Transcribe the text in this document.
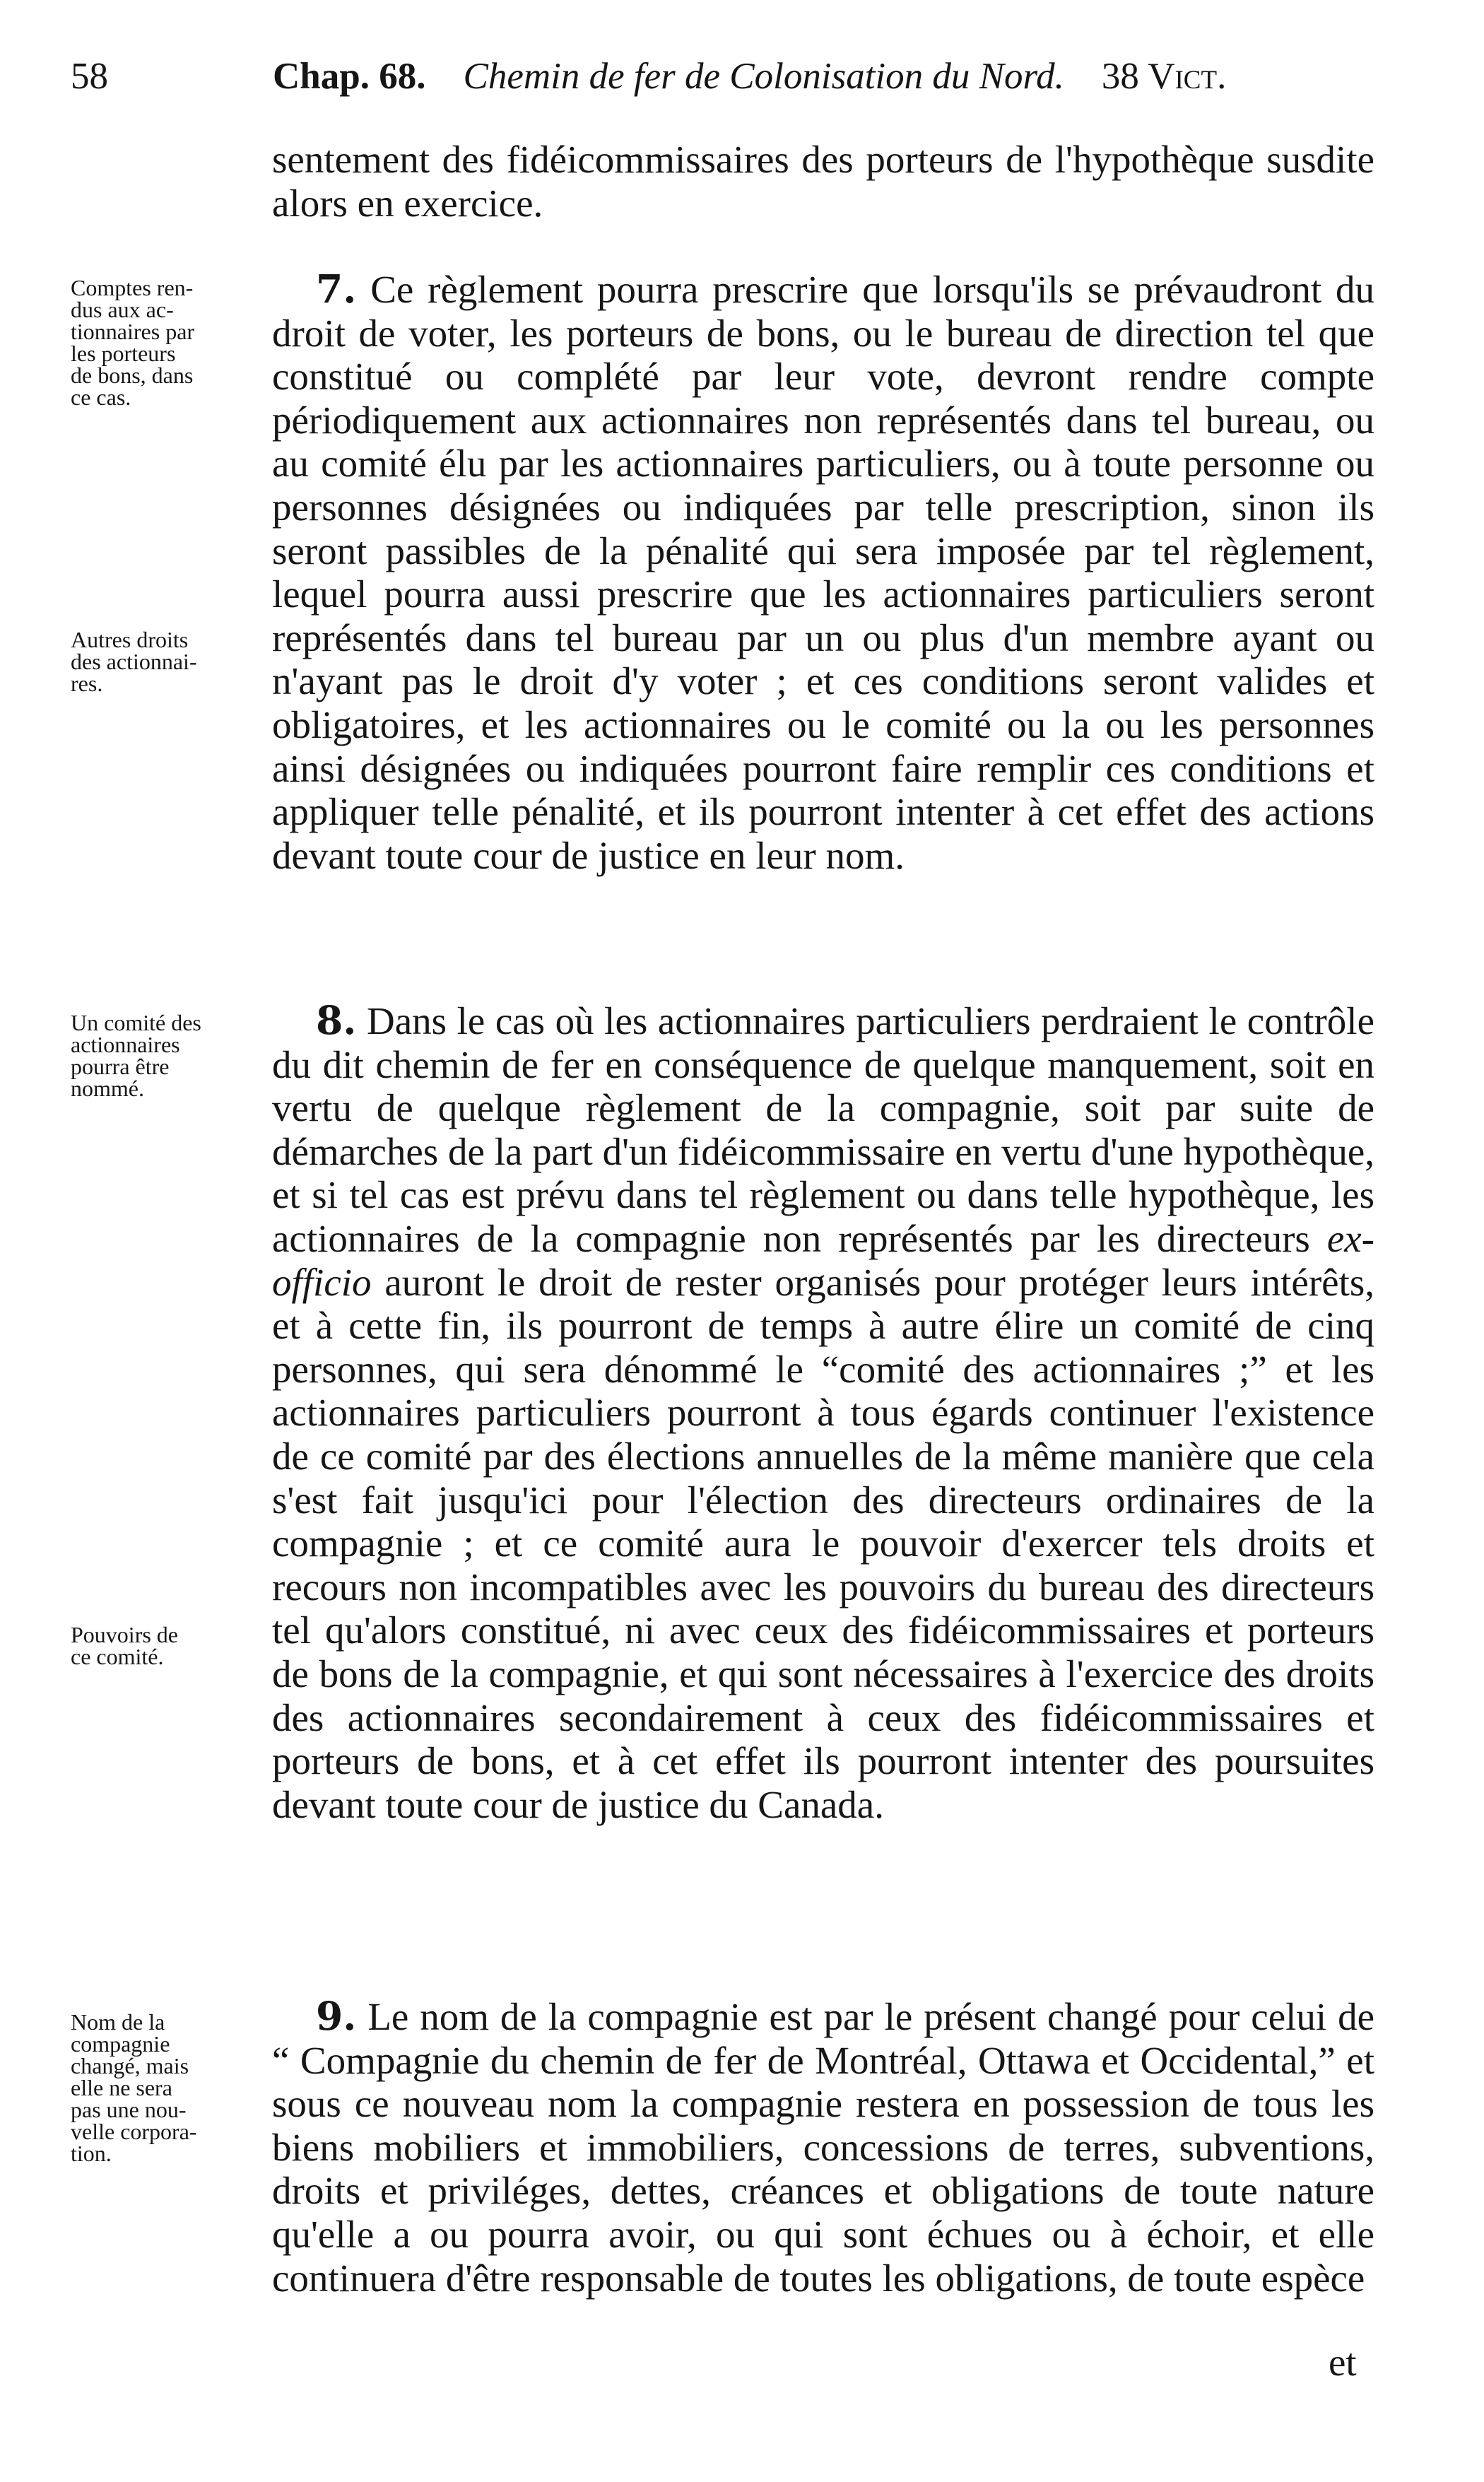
58	Chap. 68. Chemin de fer de Colonisation du Nord. 38 Vict.

sentement des fidéicommissaires des porteurs de l'hypothèque susdite alors en exercice.

7. Ce règlement pourra prescrire que lorsqu'ils se prévaudront du droit de voter, les porteurs de bons, ou le bureau de direction tel que constitué ou complété par leur vote, devront rendre compte périodiquement aux actionnaires non représentés dans tel bureau, ou au comité élu par les actionnaires particuliers, ou à toute personne ou personnes désignées ou indiquées par telle prescription, sinon ils seront passibles de la pénalité qui sera imposée par tel règlement, lequel pourra aussi prescrire que les actionnaires particuliers seront représentés dans tel bureau par un ou plus d'un membre ayant ou n'ayant pas le droit d'y voter ; et ces conditions seront valides et obligatoires, et les actionnaires ou le comité ou la ou les personnes ainsi désignées ou indiquées pourront faire remplir ces conditions et appliquer telle pénalité, et ils pourront intenter à cet effet des actions devant toute cour de justice en leur nom.

8. Dans le cas où les actionnaires particuliers perdraient le contrôle du dit chemin de fer en conséquence de quelque manquement, soit en vertu de quelque règlement de la compagnie, soit par suite de démarches de la part d'un fidéicommissaire en vertu d'une hypothèque, et si tel cas est prévu dans tel règlement ou dans telle hypothèque, les actionnaires de la compagnie non représentés par les directeurs ex-officio auront le droit de rester organisés pour protéger leurs intérêts, et à cette fin, ils pourront de temps à autre élire un comité de cinq personnes, qui sera dénommé le “comité des actionnaires ;” et les actionnaires particuliers pourront à tous égards continuer l'existence de ce comité par des élections annuelles de la même manière que cela s'est fait jusqu'ici pour l'élection des directeurs ordinaires de la compagnie ; et ce comité aura le pouvoir d'exercer tels droits et recours non incompatibles avec les pouvoirs du bureau des directeurs tel qu'alors constitué, ni avec ceux des fidéicommissaires et porteurs de bons de la compagnie, et qui sont nécessaires à l'exercice des droits des actionnaires secondairement à ceux des fidéicommissaires et porteurs de bons, et à cet effet ils pourront intenter des poursuites devant toute cour de justice du Canada.

9. Le nom de la compagnie est par le présent changé pour celui de “ Compagnie du chemin de fer de Montréal, Ottawa et Occidental,” et sous ce nouveau nom la compagnie restera en possession de tous les biens mobiliers et immobiliers, concessions de terres, subventions, droits et priviléges, dettes, créances et obligations de toute nature qu'elle a ou pourra avoir, ou qui sont échues ou à échoir, et elle continuera d'être responsable de toutes les obligations, de toute espèce

Comptes ren-
dus aux ac-
tionnaires par
les porteurs
de bons, dans
ce cas.
Autres droits
des actionnai-
res.
Un comité des
actionnaires
pourra être
nommé.
Pouvoirs de
ce comité.
Nom de la
compagnie
changé, mais
elle ne sera
pas une nou-
velle corpora-
tion.
et
